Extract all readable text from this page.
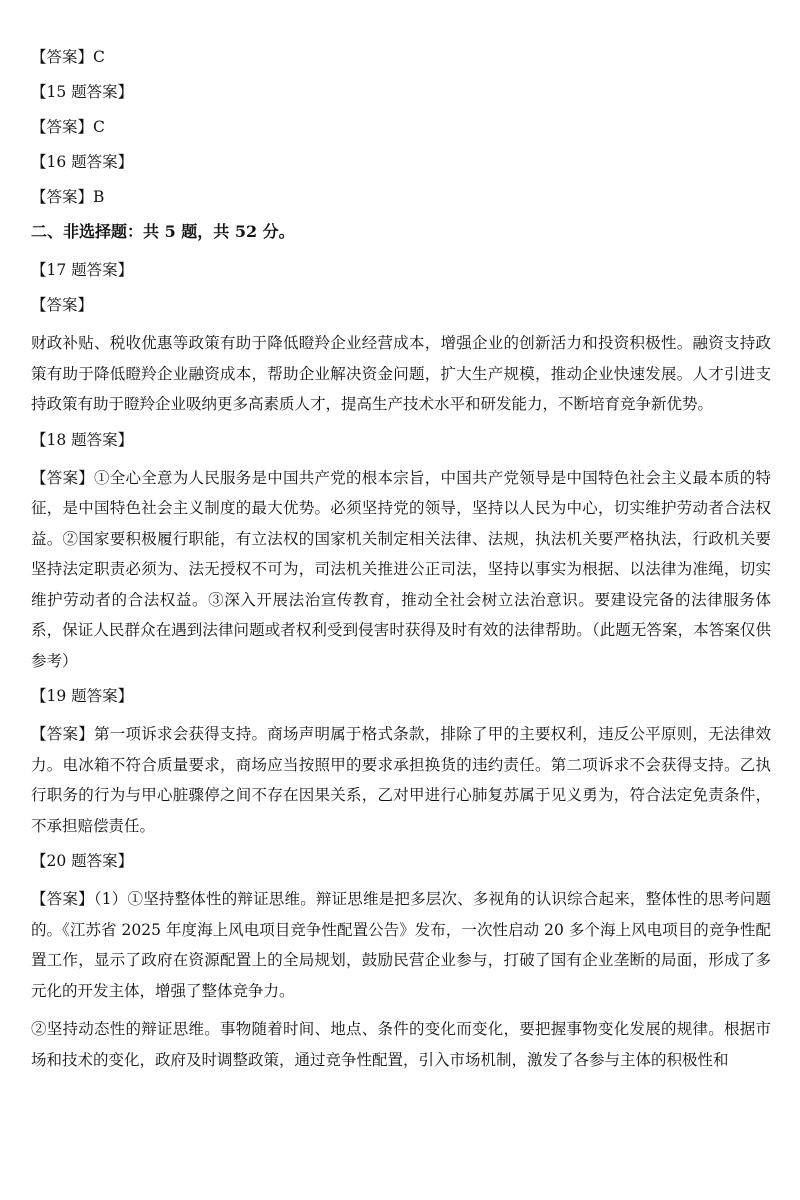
【答案】C

【15 题答案】

【答案】C

【16 题答案】

【答案】B

二、非选择题：共 5 题，共 52 分。

【17 题答案】

【答案】

财政补贴、税收优惠等政策有助于降低瞪羚企业经营成本，增强企业的创新活力和投资积极性。融资支持政策有助于降低瞪羚企业融资成本，帮助企业解决资金问题，扩大生产规模，推动企业快速发展。人才引进支持政策有助于瞪羚企业吸纳更多高素质人才，提高生产技术水平和研发能力，不断培育竞争新优势。

【18 题答案】

【答案】①全心全意为人民服务是中国共产党的根本宗旨，中国共产党领导是中国特色社会主义最本质的特征，是中国特色社会主义制度的最大优势。必须坚持党的领导，坚持以人民为中心，切实维护劳动者合法权益。②国家要积极履行职能，有立法权的国家机关制定相关法律、法规，执法机关要严格执法，行政机关要坚持法定职责必须为、法无授权不可为，司法机关推进公正司法，坚持以事实为根据、以法律为准绳，切实维护劳动者的合法权益。③深入开展法治宣传教育，推动全社会树立法治意识。要建设完备的法律服务体系，保证人民群众在遇到法律问题或者权利受到侵害时获得及时有效的法律帮助。（此题无答案，本答案仅供参考）

【19 题答案】

【答案】第一项诉求会获得支持。商场声明属于格式条款，排除了甲的主要权利，违反公平原则，无法律效力。电冰箱不符合质量要求，商场应当按照甲的要求承担换货的违约责任。第二项诉求不会获得支持。乙执行职务的行为与甲心脏骤停之间不存在因果关系，乙对甲进行心肺复苏属于见义勇为，符合法定免责条件，不承担赔偿责任。

【20 题答案】

【答案】（1）①坚持整体性的辩证思维。辩证思维是把多层次、多视角的认识综合起来，整体性的思考问题的。《江苏省 2025 年度海上风电项目竞争性配置公告》发布，一次性启动 20 多个海上风电项目的竞争性配置工作，显示了政府在资源配置上的全局规划，鼓励民营企业参与，打破了国有企业垄断的局面，形成了多元化的开发主体，增强了整体竞争力。

②坚持动态性的辩证思维。事物随着时间、地点、条件的变化而变化，要把握事物变化发展的规律。根据市场和技术的变化，政府及时调整政策，通过竞争性配置，引入市场机制，激发了各参与主体的积极性和
